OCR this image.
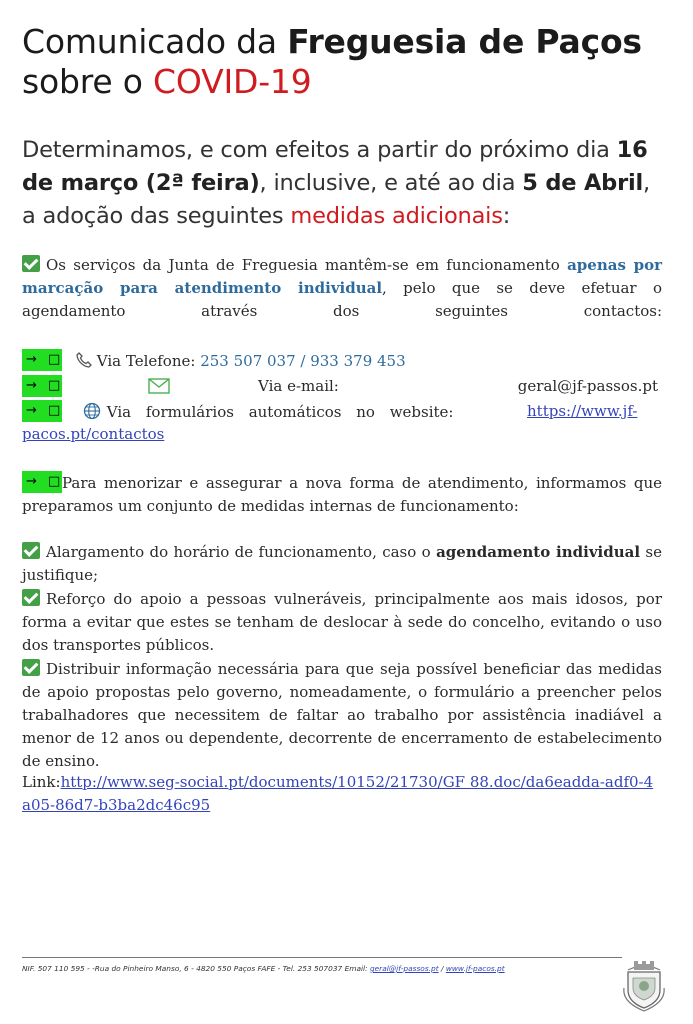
Comunicado da Freguesia de Paços
sobre o COVID-19
Determinamos, e com efeitos a partir do próximo dia 16 de março (2ª feira), inclusive, e até ao dia 5 de Abril, a adoção das seguintes medidas adicionais:
Os serviços da Junta de Freguesia mantêm-se em funcionamento apenas por marcação para atendimento individual, pelo que se deve efetuar o agendamento através dos seguintes contactos:
→ □ Via Telefone: 253 507 037 / 933 379 453
→ □	Via e-mail:	geral@jf-passos.pt
→ □	Via formulários automáticos no website:	https://www.jf-pacos.pt/contactos
→ □ Para menorizar e assegurar a nova forma de atendimento, informamos que preparamos um conjunto de medidas internas de funcionamento:
Alargamento do horário de funcionamento, caso o agendamento individual se justifique;
Reforço do apoio a pessoas vulneráveis, principalmente aos mais idosos, por forma a evitar que estes se tenham de deslocar à sede do concelho, evitando o uso dos transportes públicos.
Distribuir informação necessária para que seja possível beneficiar das medidas de apoio propostas pelo governo, nomeadamente, o formulário a preencher pelos trabalhadores que necessitem de faltar ao trabalho por assistência inadiável a menor de 12 anos ou dependente, decorrente de encerramento de estabelecimento de ensino.
Link:http://www.seg-social.pt/documents/10152/21730/GF 88.doc/da6eadda-adf0-4a05-86d7-b3ba2dc46c95
NIF. 507 110 595 - -Rua do Pinheiro Manso, 6 - 4820 550 Paços FAFE - Tel. 253 507037 Email: geral@jf-passos.pt / www.jf-pacos.pt
